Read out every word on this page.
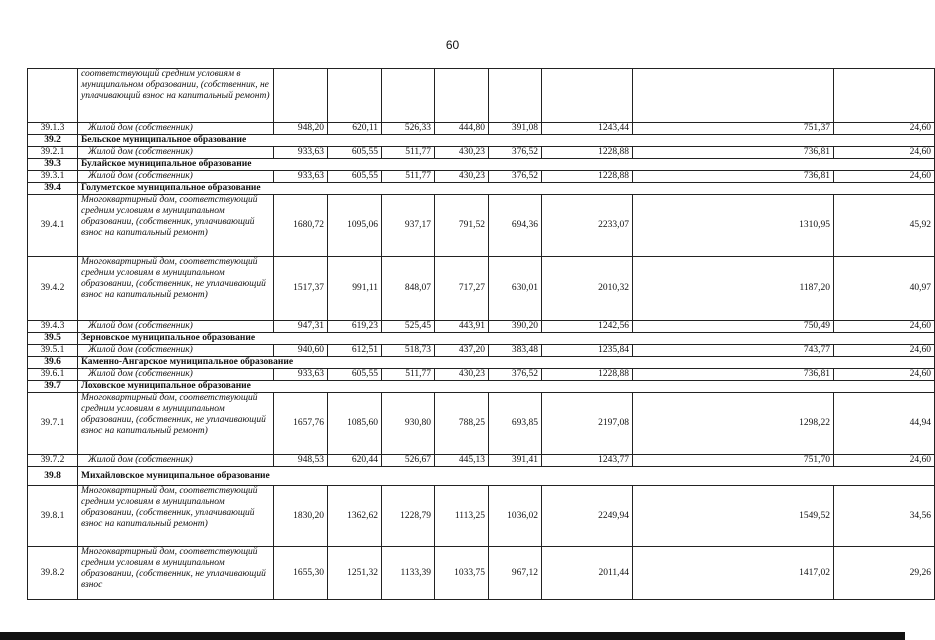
60
	соответствующий средним условиям в муниципальном образовании, (собственник, не уплачивающий взнос на капитальный ремонт)								
39.1.3	Жилой дом (собственник)	948,20	620,11	526,33	444,80	391,08	1243,44	751,37	24,60
39.2	Бельское муниципальное образование								
39.2.1	Жилой дом (собственник)	933,63	605,55	511,77	430,23	376,52	1228,88	736,81	24,60
39.3	Булайское муниципальное образование								
39.3.1	Жилой дом (собственник)	933,63	605,55	511,77	430,23	376,52	1228,88	736,81	24,60
39.4	Голуметское муниципальное образование								
39.4.1	Многоквартирный дом, соответствующий средним условиям в муниципальном образовании, (собственник, уплачивающий взнос на капитальный ремонт)	1680,72	1095,06	937,17	791,52	694,36	2233,07	1310,95	45,92
39.4.2	Многоквартирный дом, соответствующий средним условиям в муниципальном образовании, (собственник, не уплачивающий взнос на капитальный ремонт)	1517,37	991,11	848,07	717,27	630,01	2010,32	1187,20	40,97
39.4.3	Жилой дом (собственник)	947,31	619,23	525,45	443,91	390,20	1242,56	750,49	24,60
39.5	Зерновское муниципальное образование								
39.5.1	Жилой дом (собственник)	940,60	612,51	518,73	437,20	383,48	1235,84	743,77	24,60
39.6	Каменно-Ангарское муниципальное образование								
39.6.1	Жилой дом (собственник)	933,63	605,55	511,77	430,23	376,52	1228,88	736,81	24,60
39.7	Лоховское муниципальное образование								
39.7.1	Многоквартирный дом, соответствующий средним условиям в муниципальном образовании, (собственник, не уплачивающий взнос на капитальный ремонт)	1657,76	1085,60	930,80	788,25	693,85	2197,08	1298,22	44,94
39.7.2	Жилой дом (собственник)	948,53	620,44	526,67	445,13	391,41	1243,77	751,70	24,60
39.8	Михайловское муниципальное образование								
39.8.1	Многоквартирный дом, соответствующий средним условиям в муниципальном образовании, (собственник, уплачивающий взнос на капитальный ремонт)	1830,20	1362,62	1228,79	1113,25	1036,02	2249,94	1549,52	34,56
39.8.2	Многоквартирный дом, соответствующий средним условиям в муниципальном образовании, (собственник, не уплачивающий взнос	1655,30	1251,32	1133,39	1033,75	967,12	2011,44	1417,02	29,26
